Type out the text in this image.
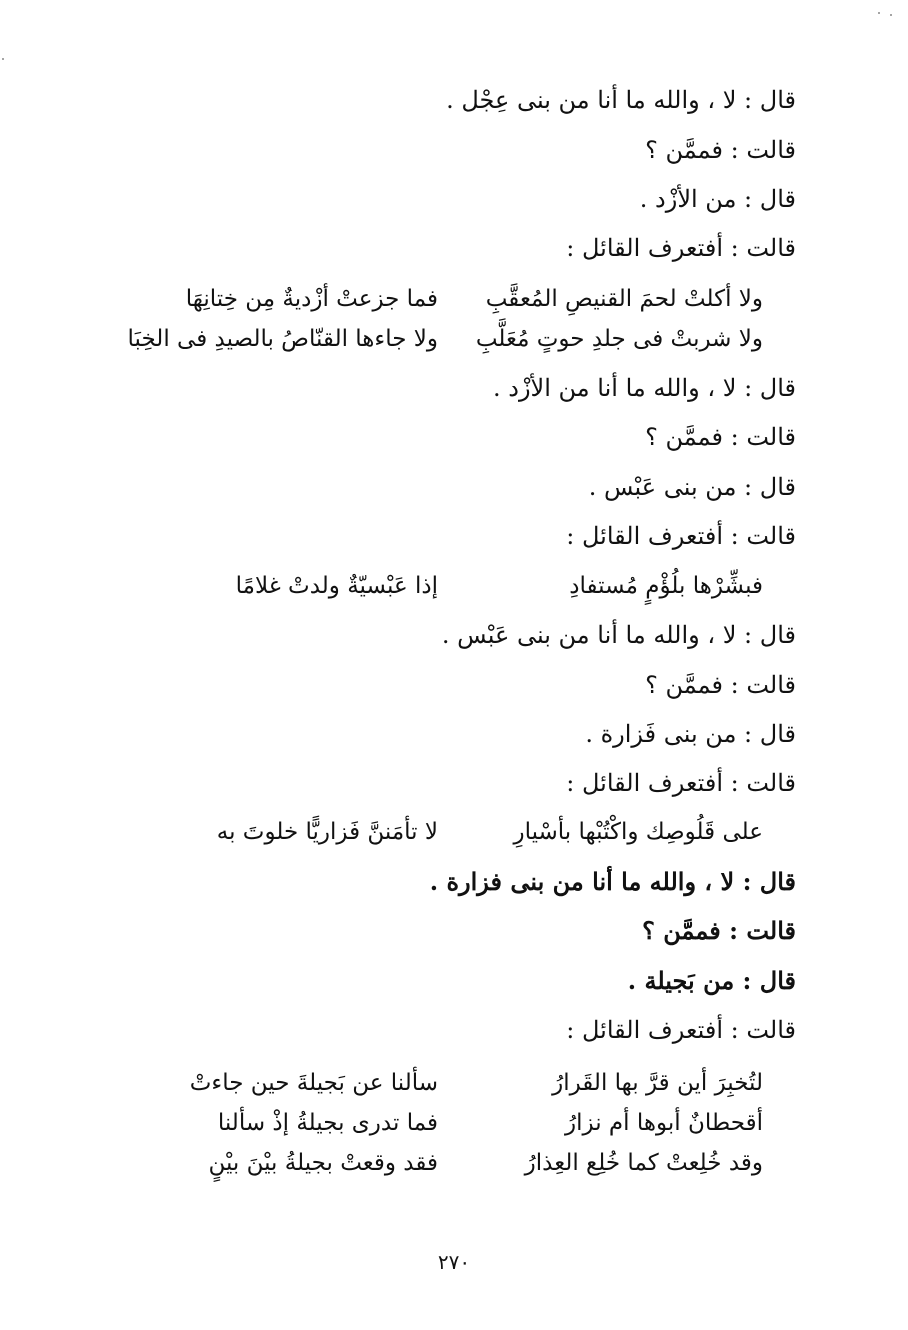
قال : لا ، والله ما أنا من بنى عِجْل .
قالت : فممَّن ؟
قال : من الأزْد .
قالت : أفتعرف القائل :
فما جزعتْ أزْديةٌ مِن خِتانِهَا	ولا أكلتْ لحمَ القنيصِ المُعقَّبِ
ولا جاءها القنّاصُ بالصيدِ فى الخِبَا	ولا شربتْ فى جلدِ حوتٍ مُعَلَّبِ
قال : لا ، والله ما أنا من الأزْد .
قالت : فممَّن ؟
قال : من بنى عَبْس .
قالت : أفتعرف القائل :
إذا عَبْسيّةٌ ولدتْ غلامًا	فبشِّرْها بلُؤْمٍ مُستفادِ
قال : لا ، والله ما أنا من بنى عَبْس .
قالت : فممَّن ؟
قال : من بنى فَزارة .
قالت : أفتعرف القائل :
لا تأمَننَّ فَزاريًّا خلوتَ به	على قَلُوصِك واكْتُبْها بأسْيارِ
قال : لا ، والله ما أنا من بنى فزارة .
قالت : فممَّن ؟
قال : من بَجيلة .
قالت : أفتعرف القائل :
سألنا عن بَجيلةَ حين جاءتْ	لتُخبِرَ أين قرَّ بها القَرارُ
فما تدرى بجيلةُ إذْ سألنا	أقحطانٌ أبوها أم نزارُ
فقد وقعتْ بجيلةُ بيْنَ بيْنٍ	وقد خُلِعتْ كما خُلِع العِذارُ
٢٧٠
